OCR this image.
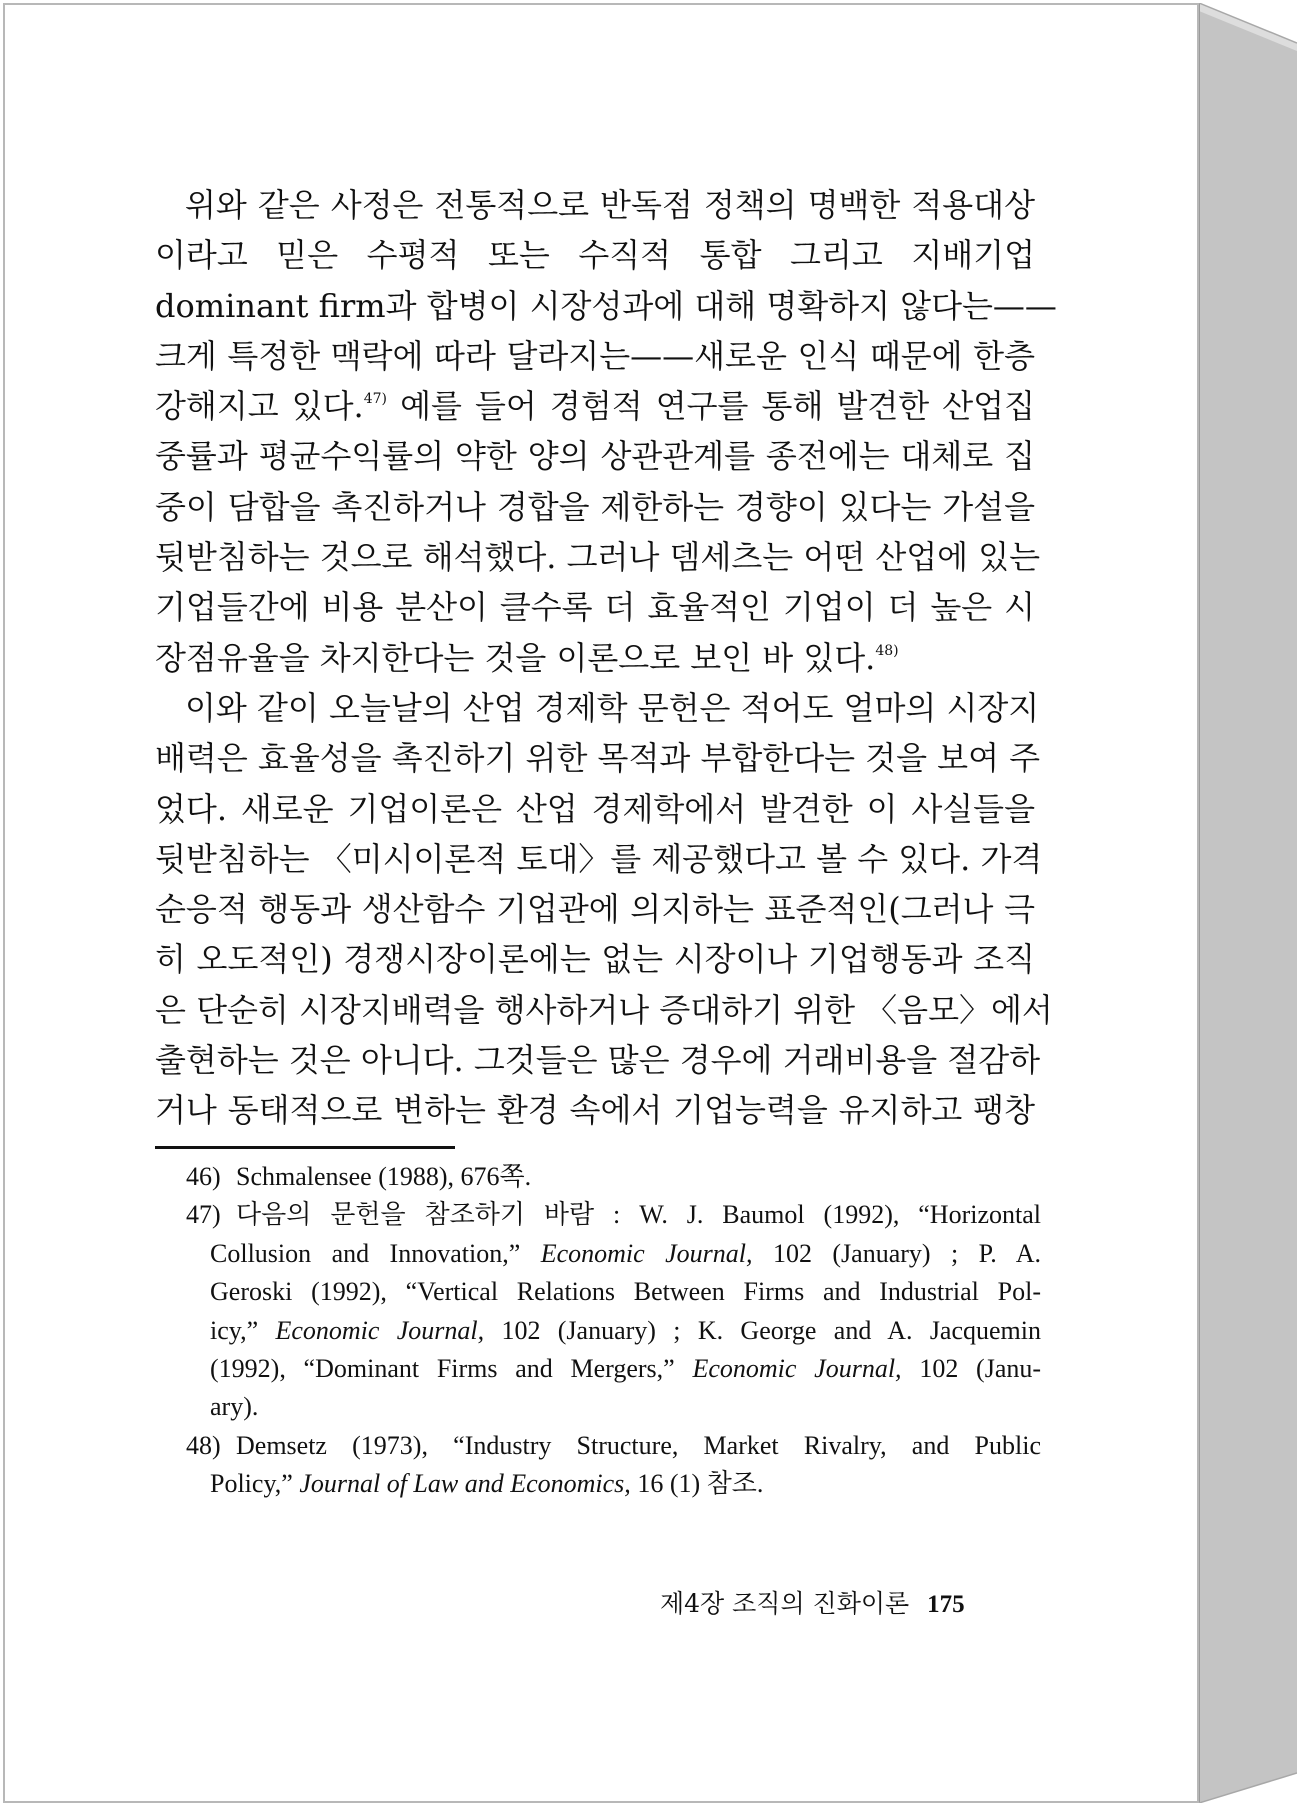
위와 같은 사정은 전통적으로 반독점 정책의 명백한 적용대상
이라고 믿은 수평적 또는 수직적 통합 그리고 지배기업
dominant firm과 합병이 시장성과에 대해 명확하지 않다는——
크게 특정한 맥락에 따라 달라지는——새로운 인식 때문에 한층
강해지고 있다.$^{47)}$ 예를 들어 경험적 연구를 통해 발견한 산업집
중률과 평균수익률의 약한 양의 상관관계를 종전에는 대체로 집
중이 담합을 촉진하거나 경합을 제한하는 경향이 있다는 가설을
뒷받침하는 것으로 해석했다. 그러나 뎀세츠는 어떤 산업에 있는
기업들간에 비용 분산이 클수록 더 효율적인 기업이 더 높은 시
장점유율을 차지한다는 것을 이론으로 보인 바 있다.$^{48)}$
이와 같이 오늘날의 산업 경제학 문헌은 적어도 얼마의 시장지
배력은 효율성을 촉진하기 위한 목적과 부합한다는 것을 보여 주
었다. 새로운 기업이론은 산업 경제학에서 발견한 이 사실들을
뒷받침하는 〈미시이론적 토대〉를 제공했다고 볼 수 있다. 가격
순응적 행동과 생산함수 기업관에 의지하는 표준적인(그러나 극
히 오도적인) 경쟁시장이론에는 없는 시장이나 기업행동과 조직
은 단순히 시장지배력을 행사하거나 증대하기 위한 〈음모〉에서
출현하는 것은 아니다. 그것들은 많은 경우에 거래비용을 절감하
거나 동태적으로 변하는 환경 속에서 기업능력을 유지하고 팽창
46) Schmalensee (1988), 676쪽.
47) 다음의 문헌을 참조하기 바람 : W. J. Baumol (1992), “Horizontal
Collusion and Innovation,” Economic Journal, 102 (January) ; P. A.
Geroski (1992), “Vertical Relations Between Firms and Industrial Pol-
icy,” Economic Journal, 102 (January) ; K. George and A. Jacquemin
(1992), “Dominant Firms and Mergers,” Economic Journal, 102 (Janu-
ary).
48) Demsetz (1973), “Industry Structure, Market Rivalry, and Public
Policy,” Journal of Law and Economics, 16 (1) 참조.
제4장 조직의 진화이론 175
